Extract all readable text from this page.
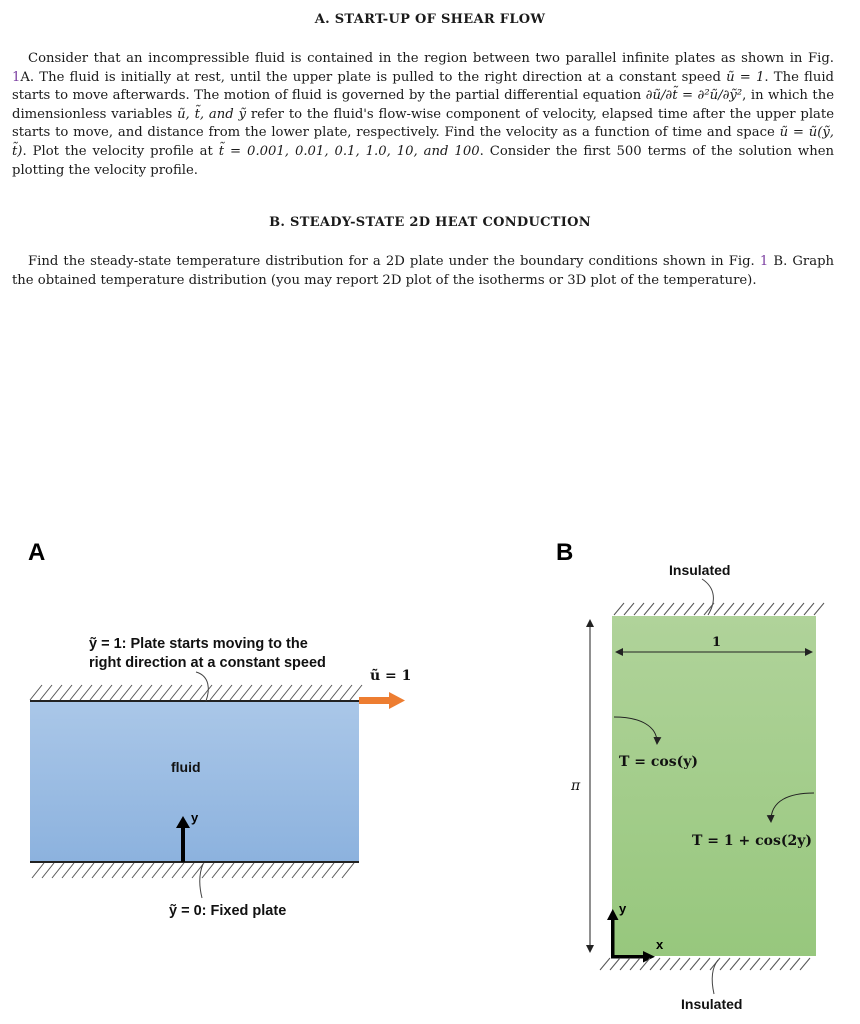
A. START-UP OF SHEAR FLOW

Consider that an incompressible fluid is contained in the region between two parallel infinite plates as shown in Fig. 1A. The fluid is initially at rest, until the upper plate is pulled to the right direction at a constant speed ũ = 1. The fluid starts to move afterwards. The motion of fluid is governed by the partial differential equation ∂ũ/∂t̃ = ∂²ũ/∂ỹ², in which the dimensionless variables ũ, t̃, and ỹ refer to the fluid's flow-wise component of velocity, elapsed time after the upper plate starts to move, and distance from the lower plate, respectively. Find the velocity as a function of time and space ũ = ũ(ỹ, t̃). Plot the velocity profile at t̃ = 0.001, 0.01, 0.1, 1.0, 10, and 100. Consider the first 500 terms of the solution when plotting the velocity profile.

B. STEADY-STATE 2D HEAT CONDUCTION

Find the steady-state temperature distribution for a 2D plate under the boundary conditions shown in Fig. 1 B. Graph the obtained temperature distribution (you may report 2D plot of the isotherms or 3D plot of the temperature).

A
ỹ = 1: Plate starts moving to the
right direction at a constant speed
ũ = 1
fluid
y
ỹ = 0: Fixed plate
B
Insulated
1
π
T = cos(y)
T = 1 + cos(2y)
y
x
Insulated
